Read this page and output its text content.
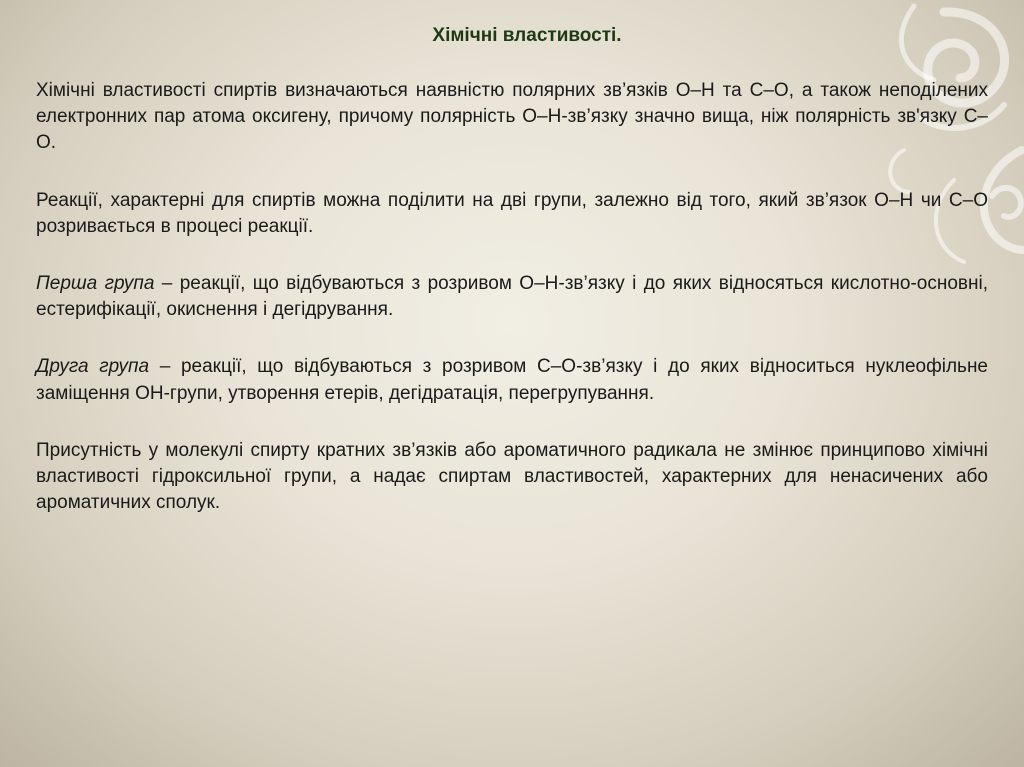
Хімічні властивості.

Хімічні властивості спиртів визначаються наявністю полярних зв’язків О–Н та С–О, а також неподілених електронних пар атома оксигену, причому полярність О–Н-зв’язку значно вища, ніж полярність зв'язку С–О.

Реакції, характерні для спиртів можна поділити на дві групи, залежно від того, який зв’язок О–Н чи С–О розривається в процесі реакції.

Перша група – реакції, що відбуваються з розривом О–Н-зв’язку і до яких відносяться кислотно-основні, естерифікації, окиснення і дегідрування.

Друга група – реакції, що відбуваються з розривом С–О-зв’язку і до яких відноситься нуклеофільне заміщення ОН-групи, утворення етерів, дегідратація, перегрупування.

Присутність у молекулі спирту кратних зв’язків або ароматичного радикала не змінює принципово хімічні властивості гідроксильної групи, а надає спиртам властивостей, характерних для ненасичених або ароматичних сполук.
